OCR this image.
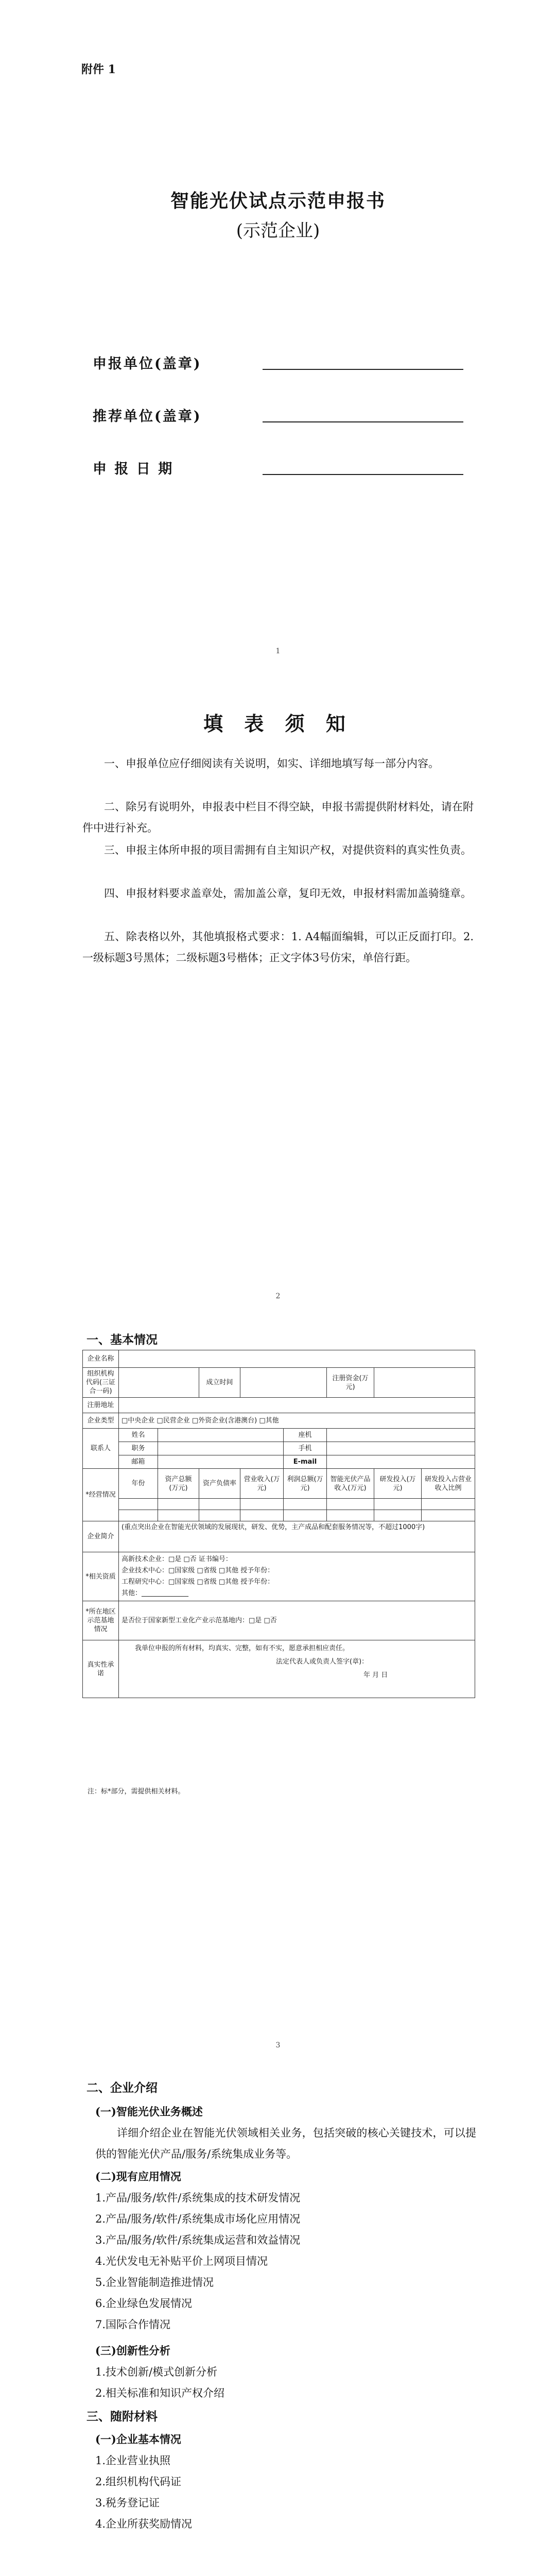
附件 1
智能光伏试点示范申报书
(示范企业)
申报单位(盖章)
推荐单位(盖章)
申 报 日 期
1
填 表 须 知
一、申报单位应仔细阅读有关说明，如实、详细地填写每一部分内容。
二、除另有说明外，申报表中栏目不得空缺，申报书需提供附材料处，请在附件中进行补充。
三、申报主体所申报的项目需拥有自主知识产权，对提供资料的真实性负责。
四、申报材料要求盖章处，需加盖公章，复印无效，申报材料需加盖骑缝章。
五、除表格以外，其他填报格式要求：1. A4幅面编辑，可以正反面打印。2. 一级标题3号黑体；二级标题3号楷体；正文字体3号仿宋，单倍行距。
2
一、基本情况
企业名称								
组织机构代码(三证合一码)			成立时间			注册资金(万元)		
注册地址								
企业类型	□中央企业 □民营企业 □外资企业(含港澳台) □其他							
联系人	姓名				座机			
	职务				手机			
	邮箱				E-mail			
*经营情况	年份	资产总额(万元)	资产负债率	营业收入(万元)	利润总额(万元)	智能光伏产品收入(万元)	研发投入(万元)	研发投入占营业收入比例

企业简介	(重点突出企业在智能光伏领域的发展现状，研发、优势，主产成品和配套服务情况等，不超过1000字)							
*相关资质	高新技术企业：□是 □否 证书编号：
企业技术中心：□国家级 □省级 □其他 授予年份：
工程研究中心：□国家级 □省级 □其他 授予年份：
其他：______________							

*所在地区示范基地情况	是否位于国家新型工业化产业示范基地内：□是 □否							
真实性承诺	我单位申报的所有材料，均真实、完整，如有不实，愿意承担相应责任。
法定代表人或负责人签字(章)：
年 月 日							
注：标*部分，需提供相关材料。
3
二、企业介绍
(一)智能光伏业务概述
详细介绍企业在智能光伏领域相关业务，包括突破的核心关键技术，可以提供的智能光伏产品/服务/系统集成业务等。
(二)现有应用情况
1.产品/服务/软件/系统集成的技术研发情况
2.产品/服务/软件/系统集成市场化应用情况
3.产品/服务/软件/系统集成运营和效益情况
4.光伏发电无补贴平价上网项目情况
5.企业智能制造推进情况
6.企业绿色发展情况
7.国际合作情况
(三)创新性分析
1.技术创新/模式创新分析
2.相关标准和知识产权介绍
三、随附材料
(一)企业基本情况
1.企业营业执照
2.组织机构代码证
3.税务登记证
4.企业所获奖励情况
